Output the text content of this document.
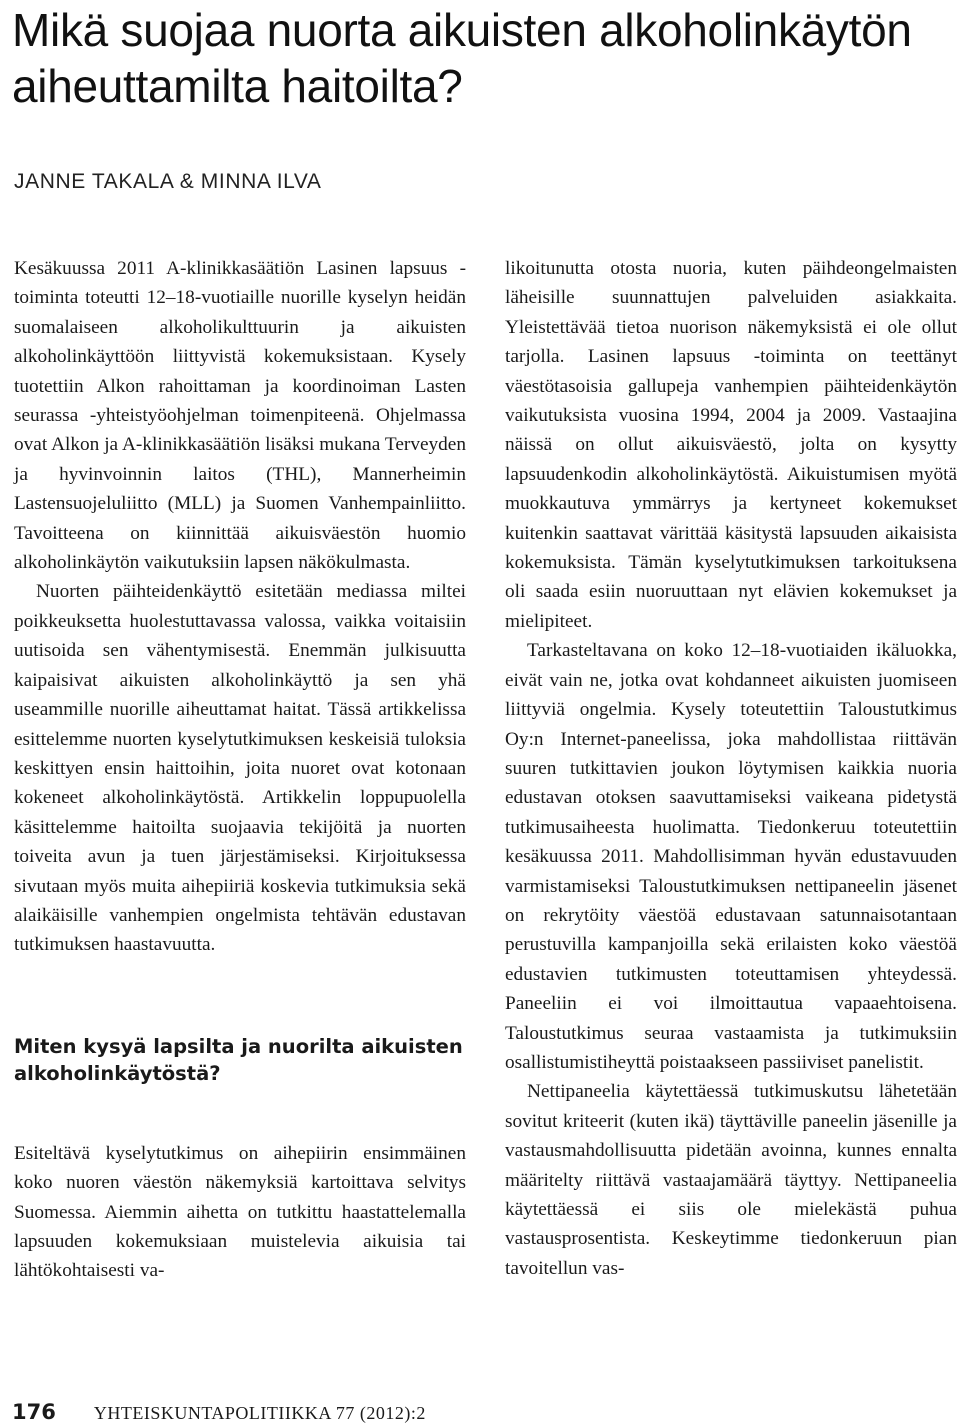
Mikä suojaa nuorta aikuisten alkoholinkäytön aiheuttamilta haitoilta?
JANNE TAKALA & MINNA ILVA

Kesäkuussa 2011 A-klinikkasäätiön Lasinen lapsuus -toiminta toteutti 12–18-vuotiaille nuorille kyselyn heidän suomalaiseen alkoholikulttuurin ja aikuisten alkoholinkäyttöön liittyvistä kokemuksistaan. Kysely tuotettiin Alkon rahoittaman ja koordinoiman Lasten seurassa -yhteistyöohjelman toimenpiteenä. Ohjelmassa ovat Alkon ja A-klinikkasäätiön lisäksi mukana Terveyden ja hyvinvoinnin laitos (THL), Mannerheimin Lastensuojeluliitto (MLL) ja Suomen Vanhempainliitto. Tavoitteena on kiinnittää aikuisväestön huomio alkoholinkäytön vaikutuksiin lapsen näkökulmasta.

Nuorten päihteidenkäyttö esitetään mediassa miltei poikkeuksetta huolestuttavassa valossa, vaikka voitaisiin uutisoida sen vähentymisestä. Enemmän julkisuutta kaipaisivat aikuisten alkoholinkäyttö ja sen yhä useammille nuorille aiheuttamat haitat. Tässä artikkelissa esittelemme nuorten kyselytutkimuksen keskeisiä tuloksia keskittyen ensin haittoihin, joita nuoret ovat kotonaan kokeneet alkoholinkäytöstä. Artikkelin loppupuolella käsittelemme haitoilta suojaavia tekijöitä ja nuorten toiveita avun ja tuen järjestämiseksi. Kirjoituksessa sivutaan myös muita aihepiiriä koskevia tutkimuksia sekä alaikäisille vanhempien ongelmista tehtävän edustavan tutkimuksen haastavuutta.

Miten kysyä lapsilta ja nuorilta aikuisten alkoholinkäytöstä?

Esiteltävä kyselytutkimus on aihepiirin ensimmäinen koko nuoren väestön näkemyksiä kartoittava selvitys Suomessa. Aiemmin aihetta on tutkittu haastattelemalla lapsuuden kokemuksiaan muistelevia aikuisia tai lähtökohtaisesti va-

likoitunutta otosta nuoria, kuten päihdeongelmaisten läheisille suunnattujen palveluiden asiakkaita. Yleistettävää tietoa nuorison näkemyksistä ei ole ollut tarjolla. Lasinen lapsuus -toiminta on teettänyt väestötasoisia gallupeja vanhempien päihteidenkäytön vaikutuksista vuosina 1994, 2004 ja 2009. Vastaajina näissä on ollut aikuisväestö, jolta on kysytty lapsuudenkodin alkoholinkäytöstä. Aikuistumisen myötä muokkautuva ymmärrys ja kertyneet kokemukset kuitenkin saattavat värittää käsitystä lapsuuden aikaisista kokemuksista. Tämän kyselytutkimuksen tarkoituksena oli saada esiin nuoruuttaan nyt elävien kokemukset ja mielipiteet.

Tarkasteltavana on koko 12–18-vuotiaiden ikäluokka, eivät vain ne, jotka ovat kohdanneet aikuisten juomiseen liittyviä ongelmia. Kysely toteutettiin Taloustutkimus Oy:n Internet-paneelissa, joka mahdollistaa riittävän suuren tutkittavien joukon löytymisen kaikkia nuoria edustavan otoksen saavuttamiseksi vaikeana pidetystä tutkimusaiheesta huolimatta. Tiedonkeruu toteutettiin kesäkuussa 2011. Mahdollisimman hyvän edustavuuden varmistamiseksi Taloustutkimuksen nettipaneelin jäsenet on rekrytöity väestöä edustavaan satunnaisotantaan perustuvilla kampanjoilla sekä erilaisten koko väestöä edustavien tutkimusten toteuttamisen yhteydessä. Paneeliin ei voi ilmoittautua vapaaehtoisena. Taloustutkimus seuraa vastaamista ja tutkimuksiin osallistumistiheyttä poistaakseen passiiviset panelistit.

Nettipaneelia käytettäessä tutkimuskutsu lähetetään sovitut kriteerit (kuten ikä) täyttäville paneelin jäsenille ja vastausmahdollisuutta pidetään avoinna, kunnes ennalta määritelty riittävä vastaajamäärä täyttyy. Nettipaneelia käytettäessä ei siis ole mielekästä puhua vastausprosentista. Keskeytimme tiedonkeruun pian tavoitellun vas-

176 YHTEISKUNTAPOLITIIKKA 77 (2012):2
